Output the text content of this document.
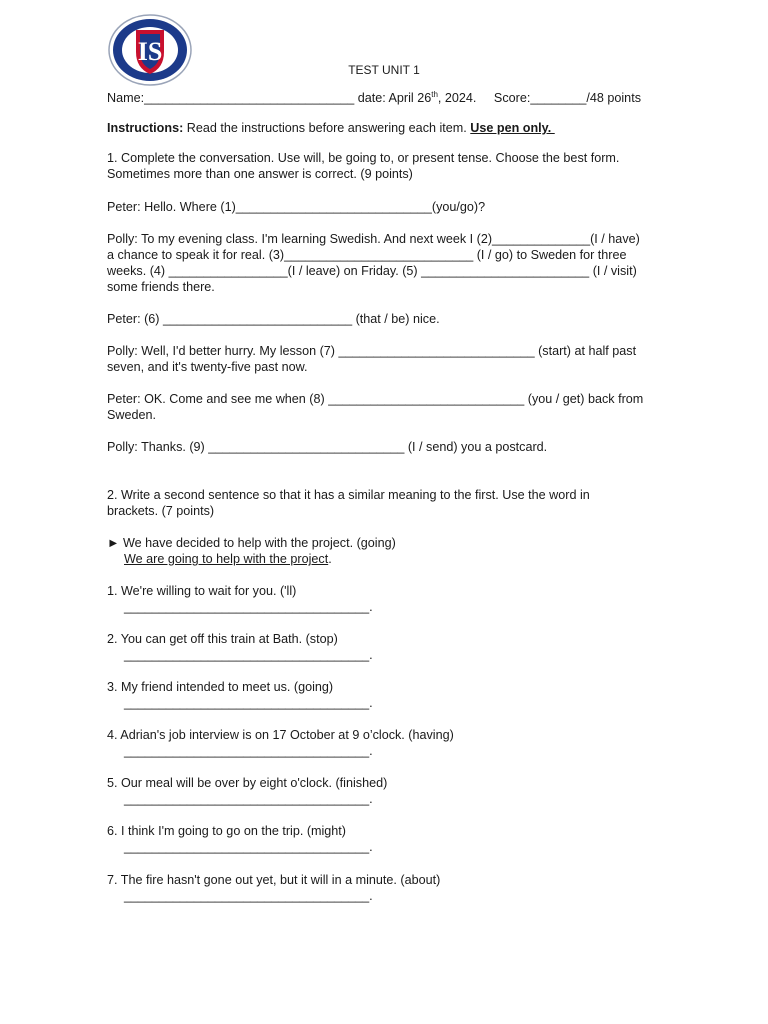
IS
TEST UNIT 1
Name:______________________________ date: April 26th, 2024. Score:________/48 points
Instructions: Read the instructions before answering each item. Use pen only.
1. Complete the conversation. Use will, be going to, or present tense. Choose the best form.
Sometimes more than one answer is correct. (9 points)
Peter: Hello. Where (1)____________________________(you/go)?
Polly: To my evening class. I'm learning Swedish. And next week I (2)______________(I / have)
a chance to speak it for real. (3)___________________________ (I / go) to Sweden for three
weeks. (4) _________________(I / leave) on Friday. (5) ________________________ (I / visit)
some friends there.
Peter: (6) ___________________________ (that / be) nice.
Polly: Well, I'd better hurry. My lesson (7) ____________________________ (start) at half past
seven, and it's twenty-five past now.
Peter: OK. Come and see me when (8) ____________________________ (you / get) back from
Sweden.
Polly: Thanks. (9) ____________________________ (I / send) you a postcard.
2. Write a second sentence so that it has a similar meaning to the first. Use the word in
brackets. (7 points)
► We have decided to help with the project. (going)
We are going to help with the project.
1. We're willing to wait for you. ('ll)
___________________________________.
2. You can get off this train at Bath. (stop)
___________________________________.
3. My friend intended to meet us. (going)
___________________________________.
4. Adrian's job interview is on 17 October at 9 o’clock. (having)
___________________________________.
5. Our meal will be over by eight o'clock. (finished)
___________________________________.
6. I think I'm going to go on the trip. (might)
___________________________________.
7. The fire hasn't gone out yet, but it will in a minute. (about)
___________________________________.
